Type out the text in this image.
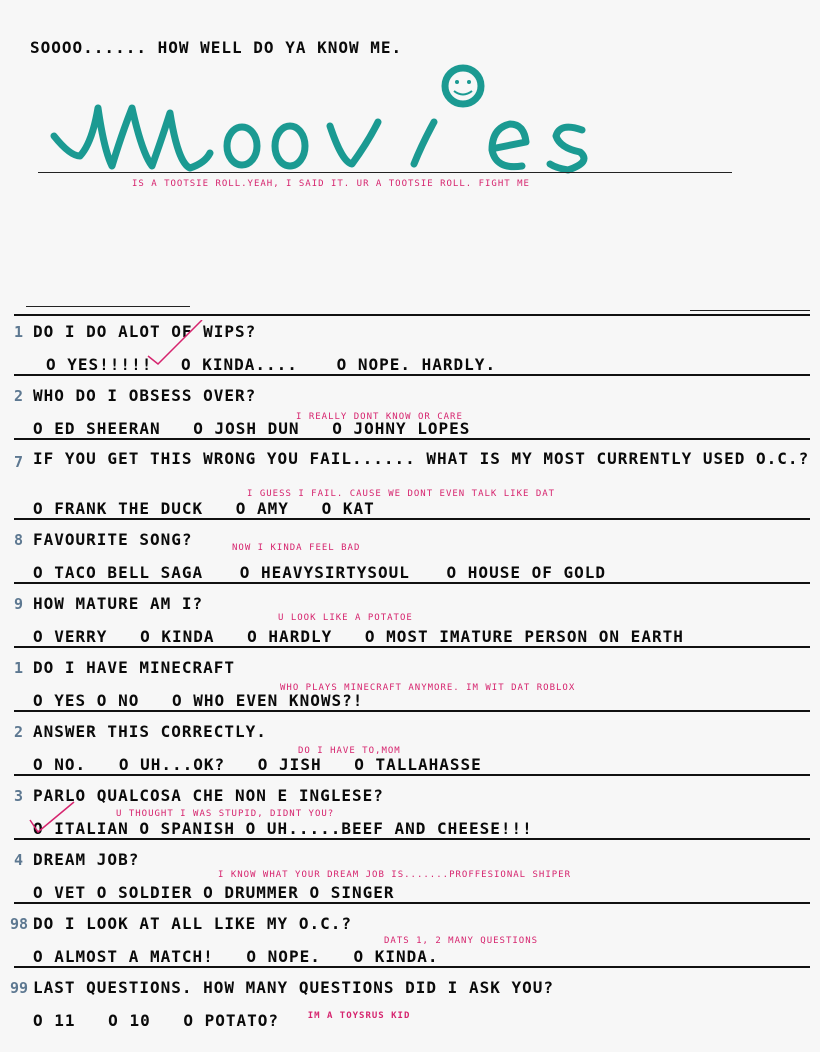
SOOOO...... HOW WELL DO YA KNOW ME.
IS A TOOTSIE ROLL.YEAH, I SAID IT. UR A TOOTSIE ROLL. FIGHT ME
1 DO I DO ALOT OF WIPS?
O YES!!!!! O KINDA.... O NOPE. HARDLY.
2 WHO DO I OBSESS OVER?
I REALLY DONT KNOW OR CARE
O ED SHEERAN O JOSH DUN O JOHNY LOPES
7 IF YOU GET THIS WRONG YOU FAIL...... WHAT IS MY MOST CURRENTLY USED O.C.?
I GUESS I FAIL. CAUSE WE DONT EVEN TALK LIKE DAT
O FRANK THE DUCK O AMY O KAT
8 FAVOURITE SONG?	NOW I KINDA FEEL BAD
O TACO BELL SAGA O HEAVYSIRTYSOUL O HOUSE OF GOLD
9 HOW MATURE AM I?
U LOOK LIKE A POTATOE
O VERRY O KINDA O HARDLY O MOST IMATURE PERSON ON EARTH
1 DO I HAVE MINECRAFT
WHO PLAYS MINECRAFT ANYMORE. IM WIT DAT ROBLOX
O YES O NO O WHO EVEN KNOWS?!
2 ANSWER THIS CORRECTLY.
DO I HAVE TO,MOM
O NO. O UH...OK? O JISH O TALLAHASSE
3 PARLO QUALCOSA CHE NON E INGLESE?
U THOUGHT I WAS STUPID, DIDNT YOU?
O ITALIAN O SPANISH O UH.....BEEF AND CHEESE!!!
4 DREAM JOB?
I KNOW WHAT YOUR DREAM JOB IS.......PROFFESIONAL SHIPER
O VET O SOLDIER O DRUMMER O SINGER
98 DO I LOOK AT ALL LIKE MY O.C.?
DATS 1, 2 MANY QUESTIONS
O ALMOST A MATCH! O NOPE. O KINDA.
99 LAST QUESTIONS. HOW MANY QUESTIONS DID I ASK YOU?
O 11 O 10 O POTATO?	IM A TOYSRUS KID
